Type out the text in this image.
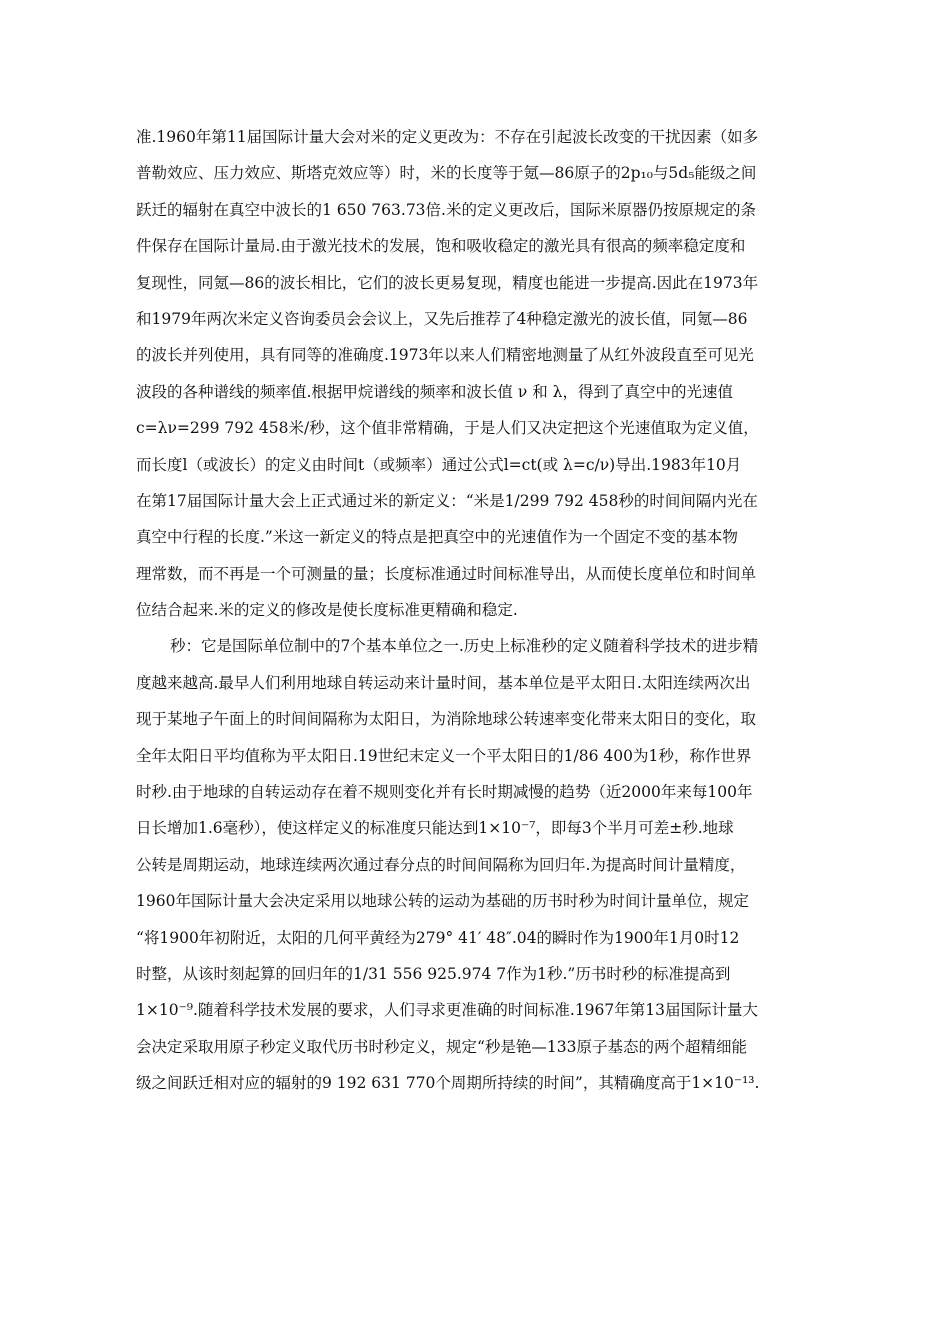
准.1960年第11届国际计量大会对米的定义更改为：不存在引起波长改变的干扰因素（如多
普勒效应、压力效应、斯塔克效应等）时，米的长度等于氪—86原子的2p₁₀与5d₅能级之间
跃迁的辐射在真空中波长的1 650 763.73倍.米的定义更改后，国际米原器仍按原规定的条
件保存在国际计量局.由于激光技术的发展，饱和吸收稳定的激光具有很高的频率稳定度和
复现性，同氪—86的波长相比，它们的波长更易复现，精度也能进一步提高.因此在1973年
和1979年两次米定义咨询委员会会议上，又先后推荐了4种稳定激光的波长值，同氪—86
的波长并列使用，具有同等的准确度.1973年以来人们精密地测量了从红外波段直至可见光
波段的各种谱线的频率值.根据甲烷谱线的频率和波长值 ν 和 λ，得到了真空中的光速值
c=λν=299 792 458米/秒，这个值非常精确，于是人们又决定把这个光速值取为定义值，
而长度l（或波长）的定义由时间t（或频率）通过公式l=ct(或 λ=c/ν)导出.1983年10月
在第17届国际计量大会上正式通过米的新定义：“米是1/299 792 458秒的时间间隔内光在
真空中行程的长度.”米这一新定义的特点是把真空中的光速值作为一个固定不变的基本物
理常数，而不再是一个可测量的量；长度标准通过时间标准导出，从而使长度单位和时间单
位结合起来.米的定义的修改是使长度标准更精确和稳定.
秒：它是国际单位制中的7个基本单位之一.历史上标准秒的定义随着科学技术的进步精
度越来越高.最早人们利用地球自转运动来计量时间，基本单位是平太阳日.太阳连续两次出
现于某地子午面上的时间间隔称为太阳日，为消除地球公转速率变化带来太阳日的变化，取
全年太阳日平均值称为平太阳日.19世纪末定义一个平太阳日的1/86 400为1秒，称作世界
时秒.由于地球的自转运动存在着不规则变化并有长时期减慢的趋势（近2000年来每100年
日长增加1.6毫秒），使这样定义的标准度只能达到1×10⁻⁷，即每3个半月可差±秒.地球
公转是周期运动，地球连续两次通过春分点的时间间隔称为回归年.为提高时间计量精度，
1960年国际计量大会决定采用以地球公转的运动为基础的历书时秒为时间计量单位，规定
“将1900年初附近，太阳的几何平黄经为279° 41′ 48″.04的瞬时作为1900年1月0时12
时整，从该时刻起算的回归年的1/31 556 925.974 7作为1秒.”历书时秒的标准提高到
1×10⁻⁹.随着科学技术发展的要求，人们寻求更准确的时间标准.1967年第13届国际计量大
会决定采取用原子秒定义取代历书时秒定义，规定“秒是铯—133原子基态的两个超精细能
级之间跃迁相对应的辐射的9 192 631 770个周期所持续的时间”，其精确度高于1×10⁻¹³.
